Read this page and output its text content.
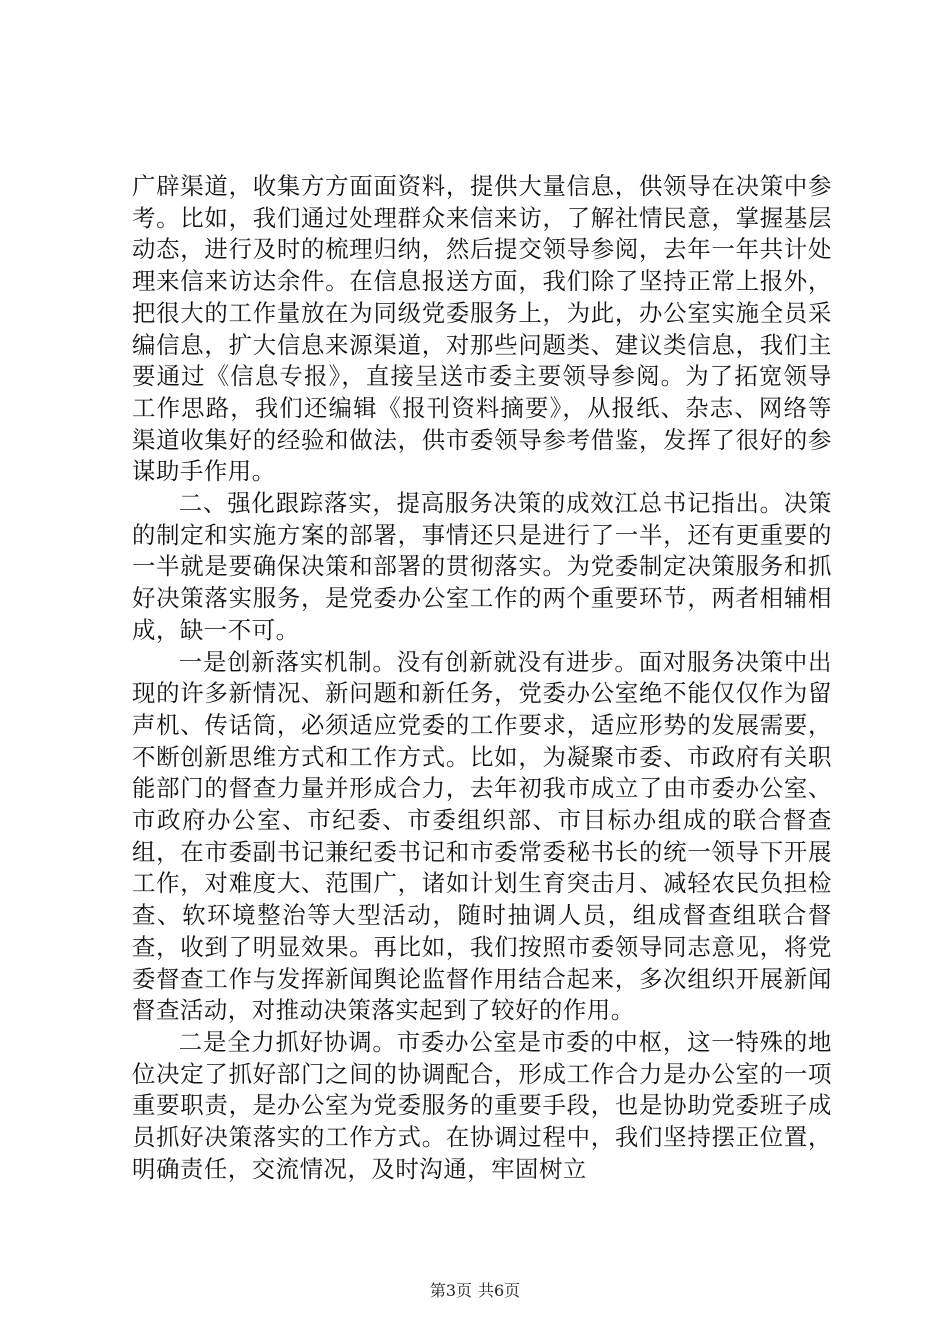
广辟渠道，收集方方面面资料，提供大量信息，供领导在决策中参考。比如，我们通过处理群众来信来访，了解社情民意，掌握基层动态，进行及时的梳理归纳，然后提交领导参阅，去年一年共计处理来信来访达余件。在信息报送方面，我们除了坚持正常上报外，把很大的工作量放在为同级党委服务上，为此，办公室实施全员采编信息，扩大信息来源渠道，对那些问题类、建议类信息，我们主要通过《信息专报》，直接呈送市委主要领导参阅。为了拓宽领导工作思路，我们还编辑《报刊资料摘要》，从报纸、杂志、网络等渠道收集好的经验和做法，供市委领导参考借鉴，发挥了很好的参谋助手作用。

二、强化跟踪落实，提高服务决策的成效江总书记指出。决策的制定和实施方案的部署，事情还只是进行了一半，还有更重要的一半就是要确保决策和部署的贯彻落实。为党委制定决策服务和抓好决策落实服务，是党委办公室工作的两个重要环节，两者相辅相成，缺一不可。

一是创新落实机制。没有创新就没有进步。面对服务决策中出现的许多新情况、新问题和新任务，党委办公室绝不能仅仅作为留声机、传话筒，必须适应党委的工作要求，适应形势的发展需要，不断创新思维方式和工作方式。比如，为凝聚市委、市政府有关职能部门的督查力量并形成合力，去年初我市成立了由市委办公室、市政府办公室、市纪委、市委组织部、市目标办组成的联合督查组，在市委副书记兼纪委书记和市委常委秘书长的统一领导下开展工作，对难度大、范围广，诸如计划生育突击月、减轻农民负担检查、软环境整治等大型活动，随时抽调人员，组成督查组联合督查，收到了明显效果。再比如，我们按照市委领导同志意见，将党委督查工作与发挥新闻舆论监督作用结合起来，多次组织开展新闻督查活动，对推动决策落实起到了较好的作用。

二是全力抓好协调。市委办公室是市委的中枢，这一特殊的地位决定了抓好部门之间的协调配合，形成工作合力是办公室的一项重要职责，是办公室为党委服务的重要手段，也是协助党委班子成员抓好决策落实的工作方式。在协调过程中，我们坚持摆正位置，明确责任，交流情况，及时沟通，牢固树立

第3页 共6页
